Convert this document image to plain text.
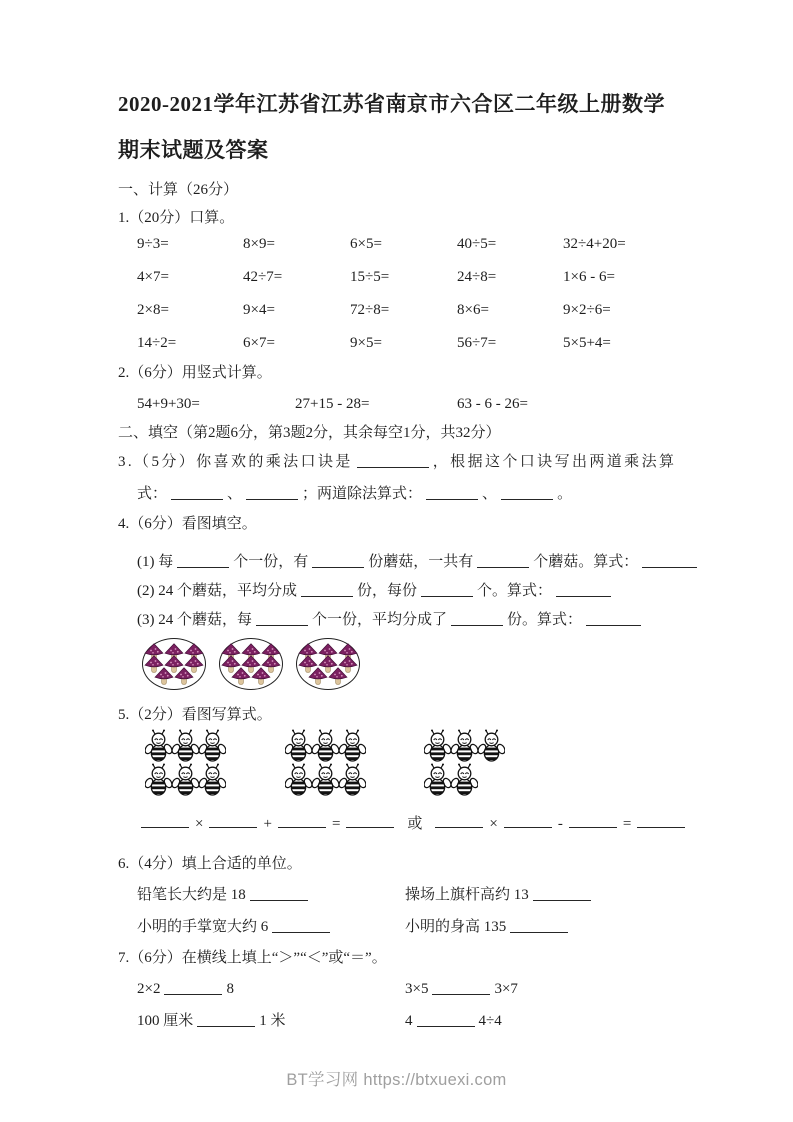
2020-2021学年江苏省江苏省南京市六合区二年级上册数学
期末试题及答案
一、计算（26分）
1.（20分）口算。
9÷3=	8×9=	6×5=	40÷5=	32÷4+20=
4×7=	42÷7=	15÷5=	24÷8=	1×6 - 6=
2×8=	9×4=	72÷8=	8×6=	9×2÷6=
14÷2=	6×7=	9×5=	56÷7=	5×5+4=
2.（6分）用竖式计算。
54+9+30=	27+15 - 28=	63 - 6 - 26=
二、填空（第2题6分，第3题2分，其余每空1分，共32分）
3.（5分）你喜欢的乘法口诀是	，根据这个口诀写出两道乘法算
式：	、	；两道除法算式：	、	。
4.（6分）看图填空。
(1) 每	个一份，有	份蘑菇，一共有	个蘑菇。算式：
(2) 24 个蘑菇，平均分成	份，每份	个。算式：
(3) 24 个蘑菇，每	个一份，平均分成了	份。算式：
5.（2分）看图写算式。
×	+	=	或	×	-	=
6.（4分）填上合适的单位。
铅笔长大约是 18	操场上旗杆高约 13
小明的手掌宽大约 6	小明的身高 135
7.（6分）在横线上填上“＞”“＜”或“＝”。
2×2	8	3×5	3×7
100 厘米	1 米	4	4÷4
BT学习网 https://btxuexi.com
